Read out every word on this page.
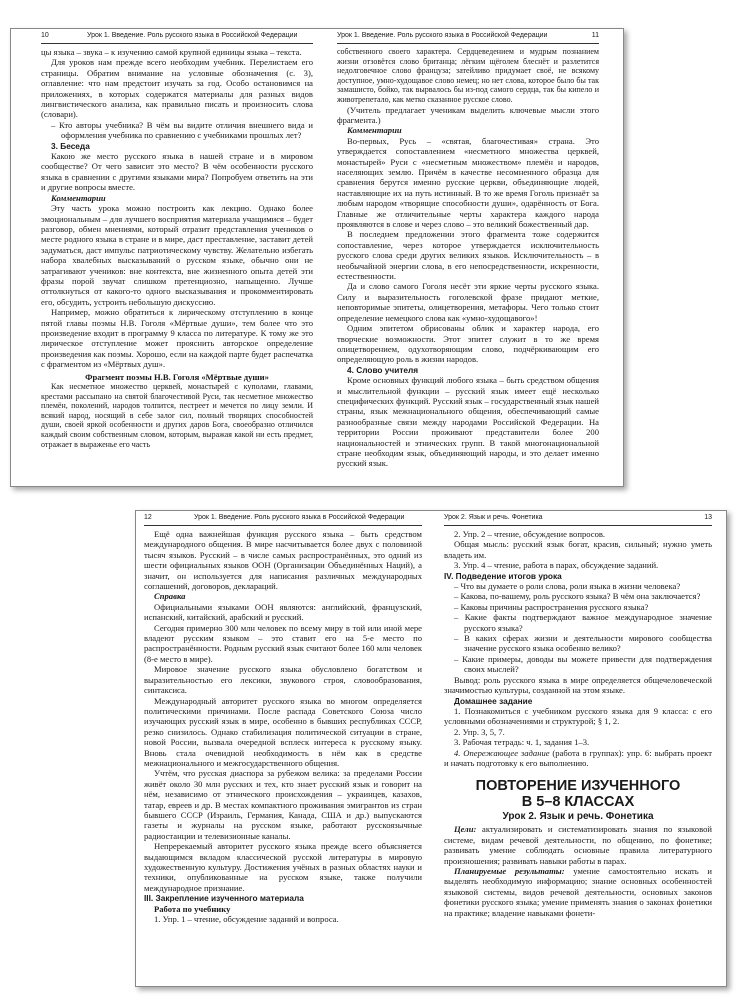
10	Урок 1. Введение. Роль русского языка в Российской Федерации

цы языка – звука – к изучению самой крупной единицы языка – текста.

Для уроков нам прежде всего необходим учебник. Перелистаем его страницы. Обратим внимание на условные обозначения (с. 3), оглавление: что нам предстоит изучать за год. Особо остановимся на приложениях, в которых содержатся материалы для разных видов лингвистического анализа, как правильно писать и произносить слова (словари).

– Кто авторы учебника? В чём вы видите отличия внешнего вида и оформления учебника по сравнению с учебниками прошлых лет?

3. Беседа

Какою же место русского языка в нашей стране и в мировом сообществе? От чего зависит это место? В чём особенности русского языка в сравнении с другими языками мира? Попробуем ответить на эти и другие вопросы вместе.

Комментарии

Эту часть урока можно построить как лекцию. Однако более эмоциональным – для лучшего восприятия материала учащимися – будет разговор, обмен мнениями, который отразит представления учеников о месте родного языка в стране и в мире, даст преставление, заставит детей задуматься, даст импульс патриотическому чувству. Желательно избегать набора хвалебных высказываний о русском языке, обычно они не затрагивают учеников: вне контекста, вне жизненного опыта детей эти фразы порой звучат слишком претенциозно, напыщенно. Лучше оттолкнуться от какого-то одного высказывания и прокомментировать его, обсудить, устроить небольшую дискуссию.

Например, можно обратиться к лирическому отступлению в конце пятой главы поэмы Н.В. Гоголя «Мёртвые души», тем более что это произведение входит в программу 9 класса по литературе. К тому же это лирическое отступление может прояснить авторское определение произведения как поэмы. Хорошо, если на каждой парте будет распечатка с фрагментом из «Мёртвых душ».

Фрагмент поэмы Н.В. Гоголя «Мёртвые души»

Как несметное множество церквей, монастырей с куполами, главами, крестами рассыпано на святой благочестивой Руси, так несметное множество племён, поколений, народов толпится, пестреет и мечется по лицу земли. И всякий народ, носящий в себе залог сил, полный творящих способностей души, своей яркой особенности и других даров Бога, своеобразно отличился каждый своим собственным словом, которым, выражая какой ни есть предмет, отражает в выраженье его часть

Урок 1. Введение. Роль русского языка в Российской Федерации	11

собственного своего характера. Сердцеведением и мудрым познанием жизни отзовётся слово британца; лёгким щёголем блеснёт и разлетится недолговечное слово француза; затейливо придумает своё, не всякому доступное, умно-худощавое слово немец; но нет слова, которое было бы так замашисто, бойко, так вырвалось бы из-под самого сердца, так бы кипело и животрепетало, как метко сказанное русское слово.

(Учитель предлагает ученикам выделить ключевые мысли этого фрагмента.)

Комментарии

Во-первых, Русь – «святая, благочестивая» страна. Это утверждается сопоставлением «несметного множества церквей, монастырей» Руси с «несметным множеством» племён и народов, населяющих землю. Причём в качестве несомненного образца для сравнения берутся именно русские церкви, объединяющие людей, наставляющие их на путь истинный. В то же время Гоголь признаёт за любым народом «творящие способности души», одарённость от Бога. Главные же отличительные черты характера каждого народа проявляются в слове и через слово – это великий божественный дар.

В последнем предложении этого фрагмента тоже содержится сопоставление, через которое утверждается исключительность русского слова среди других великих языков. Исключительность – в необычайной энергии слова, в его непосредственности, искренности, естественности.

Да и слово самого Гоголя несёт эти яркие черты русского языка. Силу и выразительность гоголевской фразе придают меткие, неповторимые эпитеты, олицетворения, метафоры. Чего только стоит определение немецкого слова как «умно-худощавого»!

Одним эпитетом обрисованы облик и характер народа, его творческие возможности. Этот эпитет служит в то же время олицетворением, одухотворяющим слово, подчёркивающим его определяющую роль в жизни народов.

4. Слово учителя

Кроме основных функций любого языка – быть средством общения и мыслительной функции – русский язык имеет ещё несколько специфических функций. Русский язык – государственный язык нашей страны, язык межнационального общения, обеспечивающий самые разнообразные связи между народами Российской Федерации. На территории России проживают представители более 200 национальностей и этнических групп. В такой многонациональной стране необходим язык, объединяющий народы, и это делает именно русский язык.

12	Урок 1. Введение. Роль русского языка в Российской Федерации

Ещё одна важнейшая функция русского языка – быть средством международного общения. В мире насчитывается более двух с половиной тысяч языков. Русский – в числе самых распространённых, это одний из шести официальных языков ООН (Организации Объединённых Наций), а значит, он используется для написания различных международных соглашений, договоров, деклараций.

Справка

Официальными языками ООН являются: английский, французский, испанский, китайский, арабский и русский.

Сегодня примерно 300 млн человек по всему миру в той или иной мере владеют русским языком – это ставит его на 5-е место по распространённости. Родным русский язык считают более 160 млн человек (8-е место в мире).

Мировое значение русского языка обусловлено богатством и выразительностью его лексики, звукового строя, словообразования, синтаксиса.

Международный авторитет русского языка во многом определяется политическими причинами. После распада Советского Союза число изучающих русский язык в мире, особенно в бывших республиках СССР, резко снизилось. Однако стабилизация политической ситуации в стране, новой России, вызвала очередной всплеск интереса к русскому языку. Вновь стала очевидной необходимость в нём как в средстве межнационального и межгосударственного общения.

Учтём, что русская диаспора за рубежом велика: за пределами России живёт около 30 млн русских и тех, кто знает русский язык и говорит на нём, независимо от этнического происхождения – украинцев, казахов, татар, евреев и др. В местах компактного проживания эмигрантов из стран бывшего СССР (Израиль, Германия, Канада, США и др.) выпускаются газеты и журналы на русском языке, работают русскоязычные радиостанции и телевизионные каналы.

Непререкаемый авторитет русского языка прежде всего объясняется выдающимся вкладом классической русской литературы в мировую художественную культуру. Достижения учёных в разных областях науки и техники, опубликованные на русском языке, также получили международное признание.

III. Закрепление изученного материала

Работа по учебнику

1. Упр. 1 – чтение, обсуждение заданий и вопроса.

Урок 2. Язык и речь. Фонетика	13

2. Упр. 2 – чтение, обсуждение вопросов.

Общая мысль: русский язык богат, красив, сильный; нужно уметь владеть им.

3. Упр. 4 – чтение, работа в парах, обсуждение заданий.

IV. Подведение итогов урока

– Что вы думаете о роли слова, роли языка в жизни человека?

– Какова, по-вашему, роль русского языка? В чём она заключается?

– Каковы причины распространения русского языка?

– Какие факты подтверждают важное международное значение русского языка?

– В каких сферах жизни и деятельности мирового сообщества значение русского языка особенно велико?

– Какие примеры, доводы вы можете привести для подтверждения своих мыслей?

Вывод: роль русского языка в мире определяется общечеловеческой значимостью культуры, созданной на этом языке.

Домашнее задание

1. Познакомиться с учебником русского языка для 9 класса: с его условными обозначениями и структурой; § 1, 2.

2. Упр. 3, 5, 7.

3. Рабочая тетрадь: ч. 1, задания 1–3.

4. Опережающее задание (работа в группах): упр. 6: выбрать проект и начать подготовку к его выполнению.

ПОВТОРЕНИЕ ИЗУЧЕННОГО
В 5–8 КЛАССАХ

Урок 2. Язык и речь. Фонетика

Цели: актуализировать и систематизировать знания по языковой системе, видам речевой деятельности, по общению, по фонетике; развивать умение соблюдать основные правила литературного произношения; развивать навыки работы в парах.

Планируемые результаты: умение самостоятельно искать и выделять необходимую информацию; знание основных особенностей языковой системы, видов речевой деятельности, основных законов фонетики русского языка; умение применять знания о законах фонетики на практике; владение навыками фонети-
